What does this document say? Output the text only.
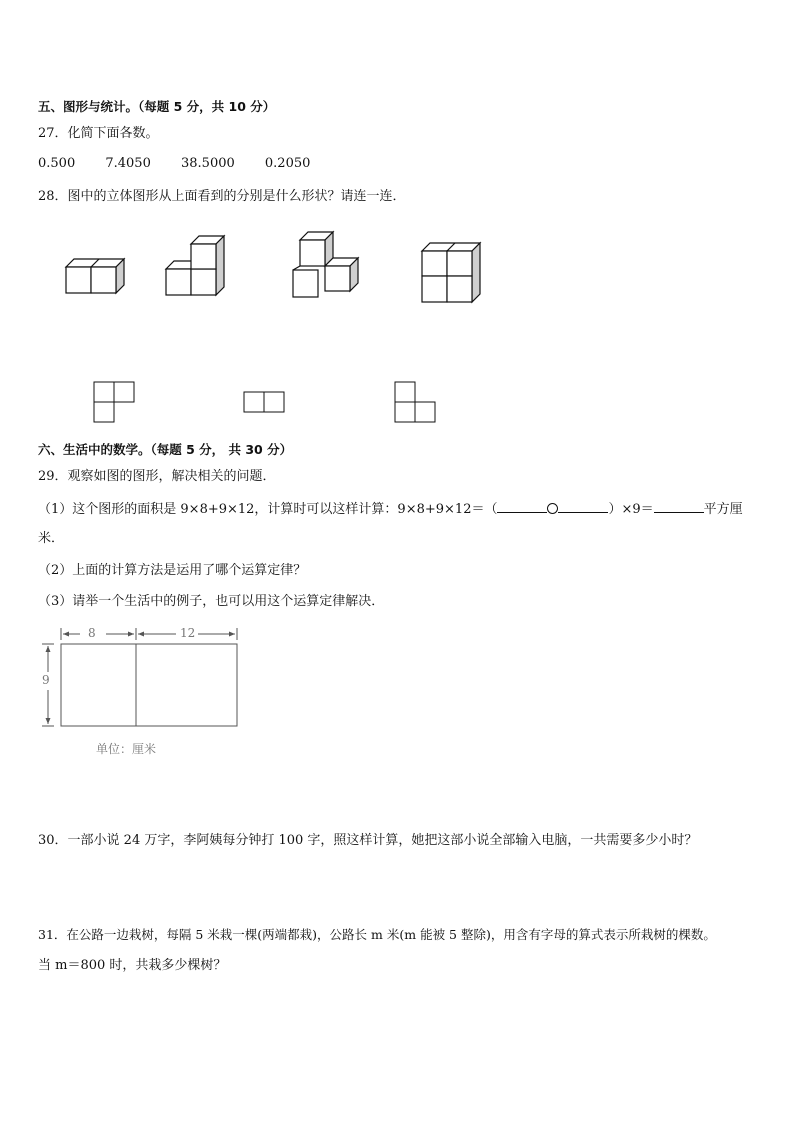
五、图形与统计。（每题 5 分，共 10 分）
27．化简下面各数。
0.500 7.4050 38.5000 0.2050
28．图中的立体图形从上面看到的分别是什么形状？请连一连．
六、生活中的数学。（每题 5 分， 共 30 分）
29．观察如图的图形，解决相关的问题．
（1）这个图形的面积是 9×8+9×12，计算时可以这样计算：9×8+9×12＝（	）×9＝	平方厘
米．
（2）上面的计算方法是运用了哪个运算定律？
（3）请举一个生活中的例子，也可以用这个运算定律解决．
8	12
9
单位：厘米
30．一部小说 24 万字，李阿姨每分钟打 100 字，照这样计算，她把这部小说全部输入电脑，一共需要多少小时？
31．在公路一边栽树，每隔 5 米栽一棵(两端都栽)，公路长 m 米(m 能被 5 整除)，用含有字母的算式表示所栽树的棵数。
当 m＝800 时，共栽多少棵树？
